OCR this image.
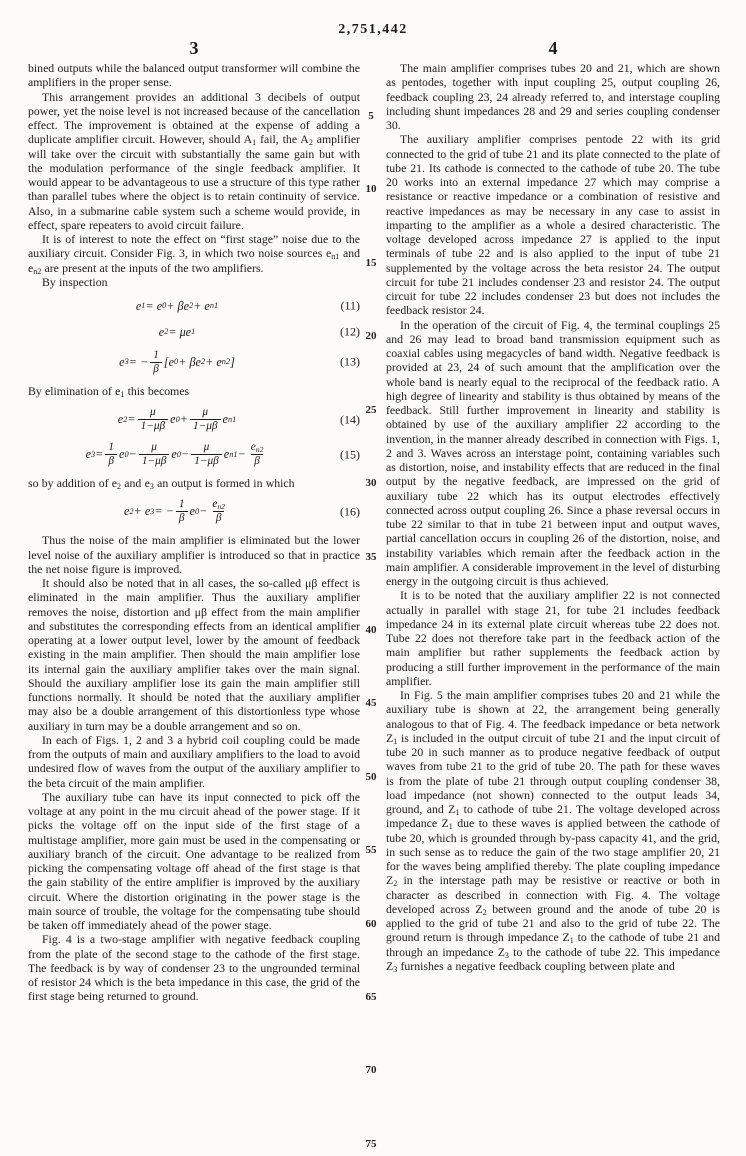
2,751,442
3

bined outputs while the balanced output transformer will combine the amplifiers in the proper sense.

This arrangement provides an additional 3 decibels of output power, yet the noise level is not increased because of the cancellation effect. The improvement is obtained at the expense of adding a duplicate amplifier circuit. However, should $A_1$ fail, the $A_2$ amplifier will take over the circuit with substantially the same gain but with the modulation performance of the single feedback amplifier. It would appear to be advantageous to use a structure of this type rather than parallel tubes where the object is to retain continuity of service. Also, in a submarine cable system such a scheme would provide, in effect, spare repeaters to avoid circuit failure.

It is of interest to note the effect on “first stage” noise due to the auxiliary circuit. Consider Fig. 3, in which two noise sources $e_{n1}$ and $e_{n2}$ are present at the inputs of the two amplifiers.

By inspection

e 1 = e 0 + βe 2 + e n1	(11)
e 2 = μe 1	(12)
e 3 = − $\frac{1}{\beta} [e$ 0 + βe 2 + e n2 ]	(13)

By elimination of $e_1$ this becomes

e $2 = \frac{\mu}{1-\mu\beta}$ e $0 + \frac{\mu}{1-\mu\beta}$ e n1	(14)
e $3 = \frac{1}{\beta}$ e $0 - \frac{\mu}{1-\mu\beta}$ e $0 - \frac{\mu}{1-\mu\beta}$ e $n1 - \frac{e_{n2}}{\beta}$	(15)

so by addition of $e_2$ and $e_3$ an output is formed in which

e 2 + e 3 = − $\frac{1}{\beta}$ e $0 - \frac{e_{n2}}{\beta}$	(16)

Thus the noise of the main amplifier is eliminated but the lower level noise of the auxiliary amplifier is introduced so that in practice the net noise figure is improved.

It should also be noted that in all cases, the so-called μβ effect is eliminated in the main amplifier. Thus the auxiliary amplifier removes the noise, distortion and μβ effect from the main amplifier and substitutes the corresponding effects from an identical amplifier operating at a lower output level, lower by the amount of feedback existing in the main amplifier. Then should the main amplifier lose its internal gain the auxiliary amplifier takes over the main signal. Should the auxiliary amplifier lose its gain the main amplifier still functions normally. It should be noted that the auxiliary amplifier may also be a double arrangement of this distortionless type whose auxiliary in turn may be a double arrangement and so on.

In each of Figs. 1, 2 and 3 a hybrid coil coupling could be made from the outputs of main and auxiliary amplifiers to the load to avoid undesired flow of waves from the output of the auxiliary amplifier to the beta circuit of the main amplifier.

The auxiliary tube can have its input connected to pick off the voltage at any point in the mu circuit ahead of the power stage. If it picks the voltage off on the input side of the first stage of a multistage amplifier, more gain must be used in the compensating or auxiliary branch of the circuit. One advantage to be realized from picking the compensating voltage off ahead of the first stage is that the gain stability of the entire amplifier is improved by the auxiliary circuit. Where the distortion originating in the power stage is the main source of trouble, the voltage for the compensating tube should be taken off immediately ahead of the power stage.

Fig. 4 is a two-stage amplifier with negative feedback coupling from the plate of the second stage to the cathode of the first stage. The feedback is by way of condenser 23 to the ungrounded terminal of resistor 24 which is the beta impedance in this case, the grid of the first stage being returned to ground.

5
10
15
20
25
30
35
40
45
50
55
60
65
70
75
4

The main amplifier comprises tubes 20 and 21, which are shown as pentodes, together with input coupling 25, output coupling 26, feedback coupling 23, 24 already referred to, and interstage coupling including shunt impedances 28 and 29 and series coupling condenser 30.

The auxiliary amplifier comprises pentode 22 with its grid connected to the grid of tube 21 and its plate connected to the plate of tube 21. Its cathode is connected to the cathode of tube 20. The tube 20 works into an external impedance 27 which may comprise a resistance or reactive impedance or a combination of resistive and reactive impedances as may be necessary in any case to assist in imparting to the amplifier as a whole a desired characteristic. The voltage developed across impedance 27 is applied to the input terminals of tube 22 and is also applied to the input of tube 21 supplemented by the voltage across the beta resistor 24. The output circuit for tube 21 includes condenser 23 and resistor 24. The output circuit for tube 22 includes condenser 23 but does not includes the feedback resistor 24.

In the operation of the circuit of Fig. 4, the terminal couplings 25 and 26 may lead to broad band transmission equipment such as coaxial cables using megacycles of band width. Negative feedback is provided at 23, 24 of such amount that the amplification over the whole band is nearly equal to the reciprocal of the feedback ratio. A high degree of linearity and stability is thus obtained by means of the feedback. Still further improvement in linearity and stability is obtained by use of the auxiliary amplifier 22 according to the invention, in the manner already described in connection with Figs. 1, 2 and 3. Waves across an interstage point, containing variables such as distortion, noise, and instability effects that are reduced in the final output by the negative feedback, are impressed on the grid of auxiliary tube 22 which has its output electrodes effectively connected across output coupling 26. Since a phase reversal occurs in tube 22 similar to that in tube 21 between input and output waves, partial cancellation occurs in coupling 26 of the distortion, noise, and instability variables which remain after the feedback action in the main amplifier. A considerable improvement in the level of disturbing energy in the outgoing circuit is thus achieved.

It is to be noted that the auxiliary amplifier 22 is not connected actually in parallel with stage 21, for tube 21 includes feedback impedance 24 in its external plate circuit whereas tube 22 does not. Tube 22 does not therefore take part in the feedback action of the main amplifier but rather supplements the feedback action by producing a still further improvement in the performance of the main amplifier.

In Fig. 5 the main amplifier comprises tubes 20 and 21 while the auxiliary tube is shown at 22, the arrangement being generally analogous to that of Fig. 4. The feedback impedance or beta network $Z_1$ is included in the output circuit of tube 21 and the input circuit of tube 20 in such manner as to produce negative feedback of output waves from tube 21 to the grid of tube 20. The path for these waves is from the plate of tube 21 through output coupling condenser 38, load impedance (not shown) connected to the output leads 34, ground, and $Z_1$ to cathode of tube 21. The voltage developed across impedance $Z_1$ due to these waves is applied between the cathode of tube 20, which is grounded through by-pass capacity 41, and the grid, in such sense as to reduce the gain of the two stage amplifier 20, 21 for the waves being amplified thereby. The plate coupling impedance $Z_2$ in the interstage path may be resistive or reactive or both in character as described in connection with Fig. 4. The voltage developed across $Z_2$ between ground and the anode of tube 20 is applied to the grid of tube 21 and also to the grid of tube 22. The ground return is through impedance $Z_1$ to the cathode of tube 21 and through an impedance $Z_3$ to the cathode of tube 22. This impedance $Z_3$ furnishes a negative feedback coupling between plate and
